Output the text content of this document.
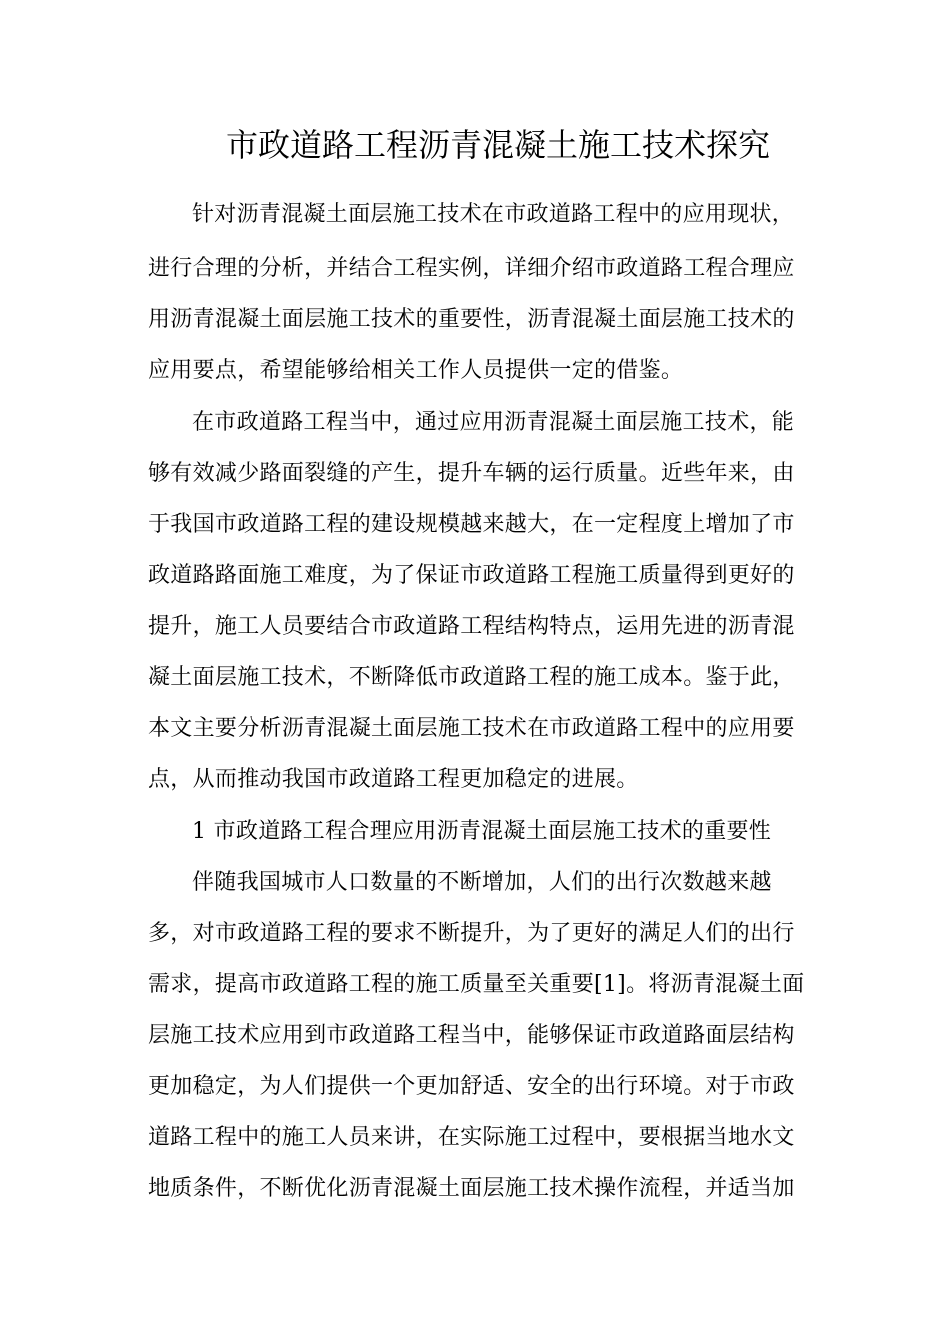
市政道路工程沥青混凝土施工技术探究

针对沥青混凝土面层施工技术在市政道路工程中的应用现状，

进行合理的分析，并结合工程实例，详细介绍市政道路工程合理应

用沥青混凝土面层施工技术的重要性，沥青混凝土面层施工技术的

应用要点，希望能够给相关工作人员提供一定的借鉴。

在市政道路工程当中，通过应用沥青混凝土面层施工技术，能

够有效减少路面裂缝的产生，提升车辆的运行质量。近些年来，由

于我国市政道路工程的建设规模越来越大，在一定程度上增加了市

政道路路面施工难度，为了保证市政道路工程施工质量得到更好的

提升，施工人员要结合市政道路工程结构特点，运用先进的沥青混

凝土面层施工技术，不断降低市政道路工程的施工成本。鉴于此，

本文主要分析沥青混凝土面层施工技术在市政道路工程中的应用要

点，从而推动我国市政道路工程更加稳定的进展。

1 市政道路工程合理应用沥青混凝土面层施工技术的重要性

伴随我国城市人口数量的不断增加，人们的出行次数越来越

多，对市政道路工程的要求不断提升，为了更好的满足人们的出行

需求，提高市政道路工程的施工质量至关重要[1]。将沥青混凝土面

层施工技术应用到市政道路工程当中，能够保证市政道路面层结构

更加稳定，为人们提供一个更加舒适、安全的出行环境。对于市政

道路工程中的施工人员来讲，在实际施工过程中，要根据当地水文

地质条件，不断优化沥青混凝土面层施工技术操作流程，并适当加
